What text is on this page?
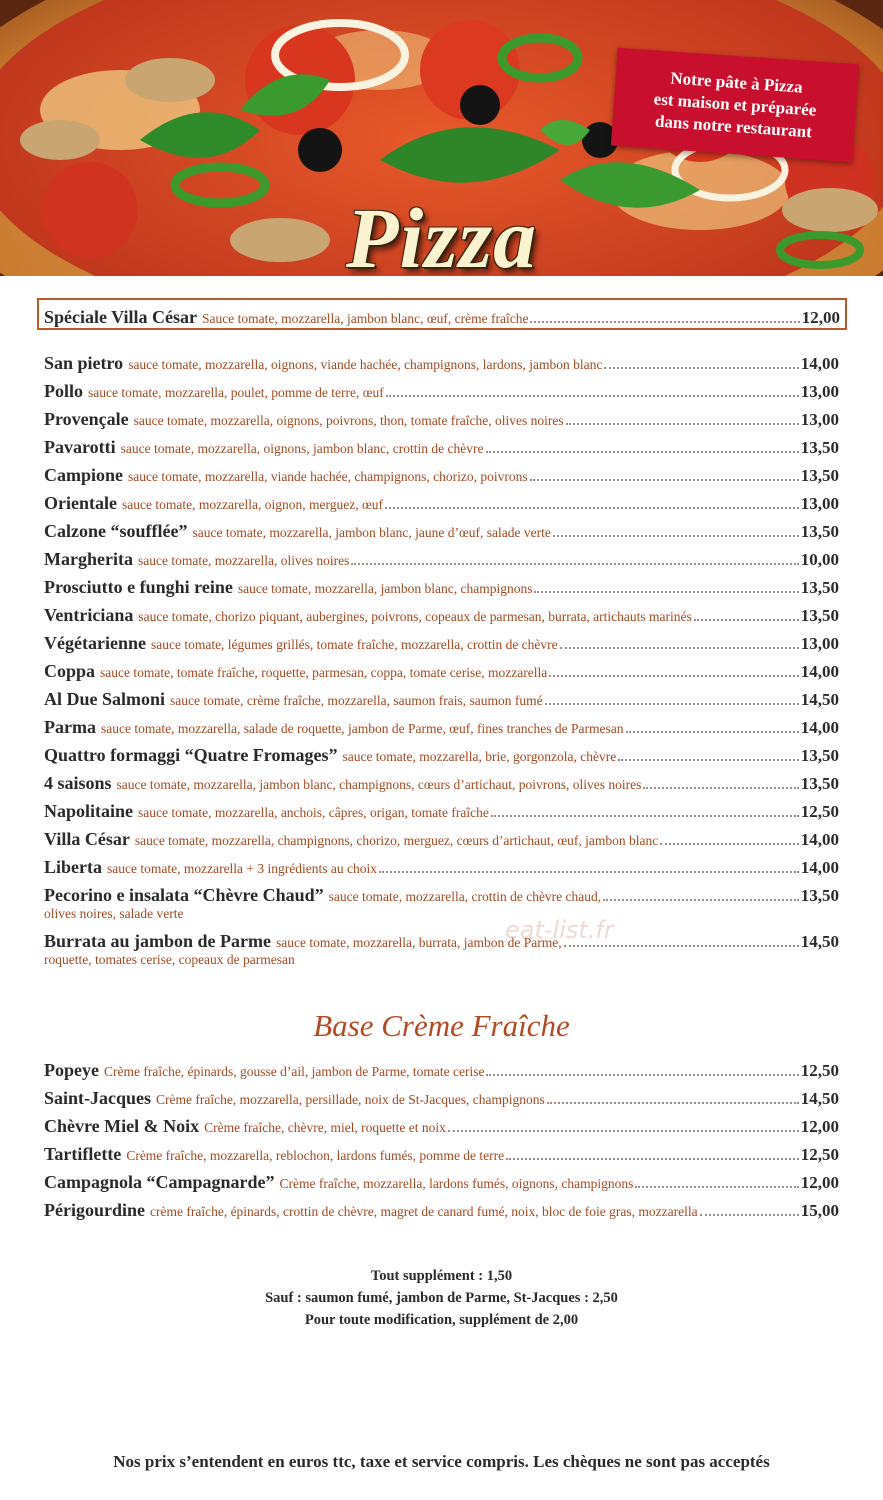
Notre pâte à Pizza
est maison et préparée
dans notre restaurant
Pizza
Spéciale Villa César Sauce tomate, mozzarella, jambon blanc, œuf, crème fraîche	12,00
San pietro sauce tomate, mozzarella, oignons, viande hachée, champignons, lardons, jambon blanc	14,00
Pollo sauce tomate, mozzarella, poulet, pomme de terre, œuf	13,00
Provençale sauce tomate, mozzarella, oignons, poivrons, thon, tomate fraîche, olives noires	13,00
Pavarotti sauce tomate, mozzarella, oignons, jambon blanc, crottin de chèvre	13,50
Campione sauce tomate, mozzarella, viande hachée, champignons, chorizo, poivrons	13,50
Orientale sauce tomate, mozzarella, oignon, merguez, œuf	13,00
Calzone “soufflée” sauce tomate, mozzarella, jambon blanc, jaune d’œuf, salade verte	13,50
Margherita sauce tomate, mozzarella, olives noires	10,00
Prosciutto e funghi reine sauce tomate, mozzarella, jambon blanc, champignons	13,50
Ventriciana sauce tomate, chorizo piquant, aubergines, poivrons, copeaux de parmesan, burrata, artichauts marinés	13,50
Végétarienne sauce tomate, légumes grillés, tomate fraîche, mozzarella, crottin de chèvre	13,00
Coppa sauce tomate, tomate fraîche, roquette, parmesan, coppa, tomate cerise, mozzarella	14,00
Al Due Salmoni sauce tomate, crème fraîche, mozzarella, saumon frais, saumon fumé	14,50
Parma sauce tomate, mozzarella, salade de roquette, jambon de Parme, œuf, fines tranches de Parmesan	14,00
Quattro formaggi “Quatre Fromages” sauce tomate, mozzarella, brie, gorgonzola, chèvre	13,50
4 saisons sauce tomate, mozzarella, jambon blanc, champignons, cœurs d’artichaut, poivrons, olives noires	13,50
Napolitaine sauce tomate, mozzarella, anchois, câpres, origan, tomate fraîche	12,50
Villa César sauce tomate, mozzarella, champignons, chorizo, merguez, cœurs d’artichaut, œuf, jambon blanc	14,00
Liberta sauce tomate, mozzarella + 3 ingrédients au choix	14,00
Pecorino e insalata “Chèvre Chaud” sauce tomate, mozzarella, crottin de chèvre chaud,	13,50
olives noires, salade verte
Burrata au jambon de Parme sauce tomate, mozzarella, burrata, jambon de Parme,	14,50
roquette, tomates cerise, copeaux de parmesan
eat-list.fr
Base Crème Fraîche
Popeye Crème fraîche, épinards, gousse d’ail, jambon de Parme, tomate cerise	12,50
Saint-Jacques Crème fraîche, mozzarella, persillade, noix de St-Jacques, champignons	14,50
Chèvre Miel & Noix Crème fraîche, chèvre, miel, roquette et noix	12,00
Tartiflette Crème fraîche, mozzarella, reblochon, lardons fumés, pomme de terre	12,50
Campagnola “Campagnarde” Crème fraîche, mozzarella, lardons fumés, oignons, champignons	12,00
Périgourdine crème fraîche, épinards, crottin de chèvre, magret de canard fumé, noix, bloc de foie gras, mozzarella	15,00
Tout supplément : 1,50
Sauf : saumon fumé, jambon de Parme, St-Jacques : 2,50
Pour toute modification, supplément de 2,00
Nos prix s’entendent en euros ttc, taxe et service compris. Les chèques ne sont pas acceptés
